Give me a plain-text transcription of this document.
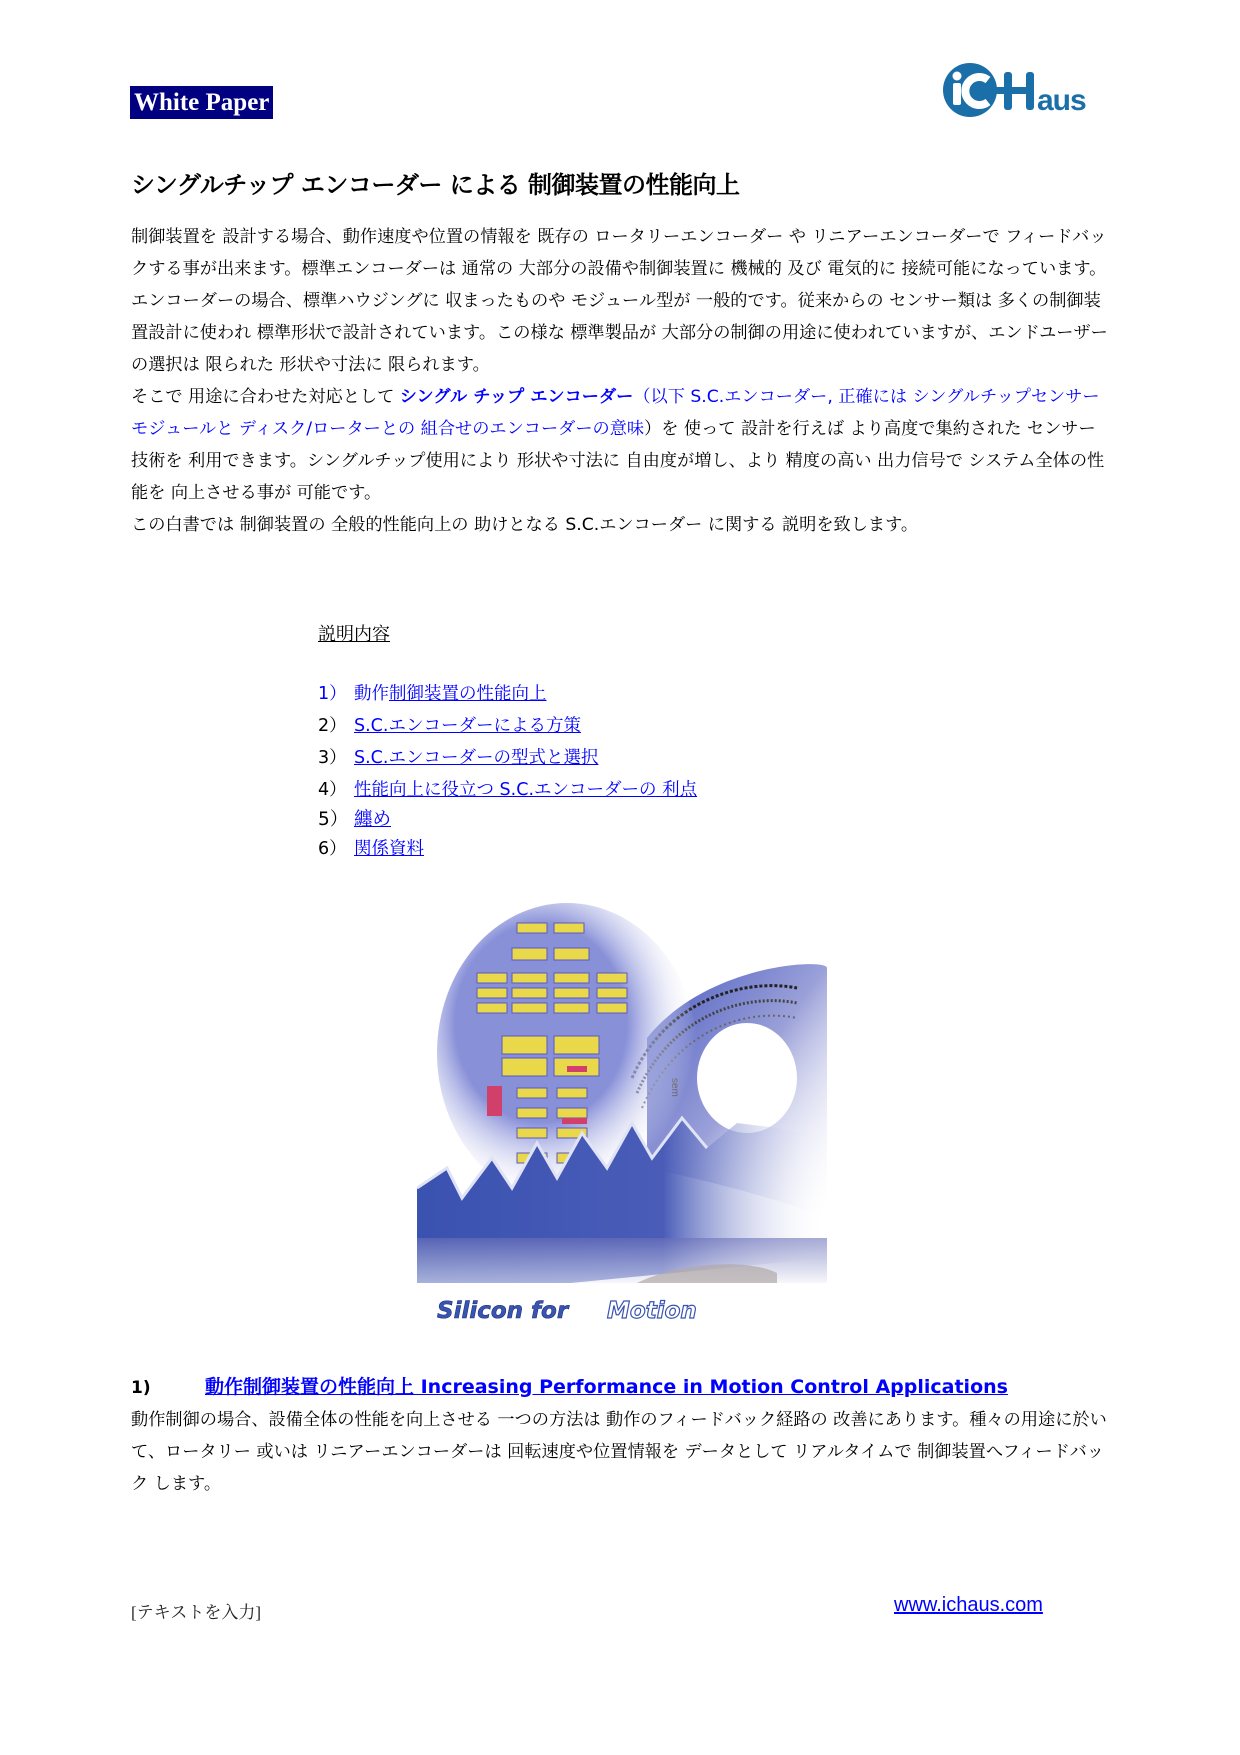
White Paper	aus
シングルチップ エンコーダー による 制御装置の性能向上

制御装置を 設計する場合、動作速度や位置の情報を 既存の ロータリーエンコーダー や リニアーエンコーダーで フィードバックする事が出来ます。標準エンコーダーは 通常の 大部分の設備や制御装置に 機械的 及び 電気的に 接続可能になっています。

エンコーダーの場合、標準ハウジングに 収まったものや モジュール型が 一般的です。従来からの センサー類は 多くの制御装置設計に使われ 標準形状で設計されています。この様な 標準製品が 大部分の制御の用途に使われていますが、エンドユーザーの選択は 限られた 形状や寸法に 限られます。

そこで 用途に合わせた対応として シングル チップ エンコーダー（以下 S.C.エンコーダー, 正確には シングルチップセンサーモジュールと ディスク/ローターとの 組合せのエンコーダーの意味）を 使って 設計を行えば より高度で集約された センサー技術を 利用できます。シングルチップ使用により 形状や寸法に 自由度が増し、より 精度の高い 出力信号で システム全体の性能を 向上させる事が 可能です。

この白書では 制御装置の 全般的性能向上の 助けとなる S.C.エンコーダー に関する 説明を致します。

説明内容
1） 動作制御装置の性能向上
2） S.C.エンコーダーによる方策
3） S.C.エンコーダーの型式と選択
4） 性能向上に役立つ S.C.エンコーダーの 利点
5） 纏め
6） 関係資料
Silicon for Motion
1)	動作制御装置の性能向上 Increasing Performance in Motion Control Applications

動作制御の場合、設備全体の性能を向上させる 一つの方法は 動作のフィードバック経路の 改善にあります。種々の用途に於いて、ロータリー 或いは リニアーエンコーダーは 回転速度や位置情報を データとして リアルタイムで 制御装置へフィードバック します。

[テキストを入力]	www.ichaus.com
